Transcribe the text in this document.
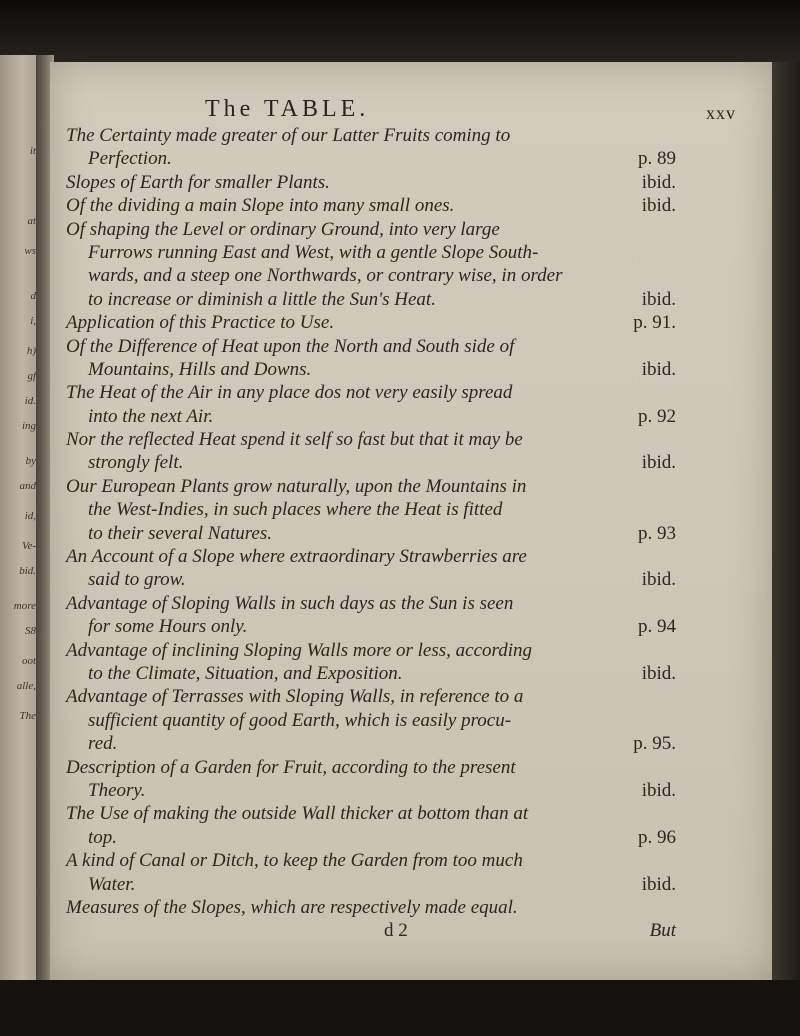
it
at
ws
d
i,
h)
gf
id.
ing
by
and
id,
Ve-
bid.
more
S8
oot
alle,
The
The TABLE.	xxv
The Certainty made greater of our Latter Fruits coming to
Perfection.	p. 89
Slopes of Earth for smaller Plants.	ibid.
Of the dividing a main Slope into many small ones.	ibid.
Of shaping the Level or ordinary Ground, into very large
Furrows running East and West, with a gentle Slope South-
wards, and a steep one Northwards, or contrary wise, in order
to increase or diminish a little the Sun's Heat.	ibid.
Application of this Practice to Use.	p. 91.
Of the Difference of Heat upon the North and South side of
Mountains, Hills and Downs.	ibid.
The Heat of the Air in any place dos not very easily spread
into the next Air.	p. 92
Nor the reflected Heat spend it self so fast but that it may be
strongly felt.	ibid.
Our European Plants grow naturally, upon the Mountains in
the West-Indies, in such places where the Heat is fitted
to their several Natures.	p. 93
An Account of a Slope where extraordinary Strawberries are
said to grow.	ibid.
Advantage of Sloping Walls in such days as the Sun is seen
for some Hours only.	p. 94
Advantage of inclining Sloping Walls more or less, according
to the Climate, Situation, and Exposition.	ibid.
Advantage of Terrasses with Sloping Walls, in reference to a
sufficient quantity of good Earth, which is easily procu-
red.	p. 95.
Description of a Garden for Fruit, according to the present
Theory.	ibid.
The Use of making the outside Wall thicker at bottom than at
top.	p. 96
A kind of Canal or Ditch, to keep the Garden from too much
Water.	ibid.
Measures of the Slopes, which are respectively made equal.
d 2	But
